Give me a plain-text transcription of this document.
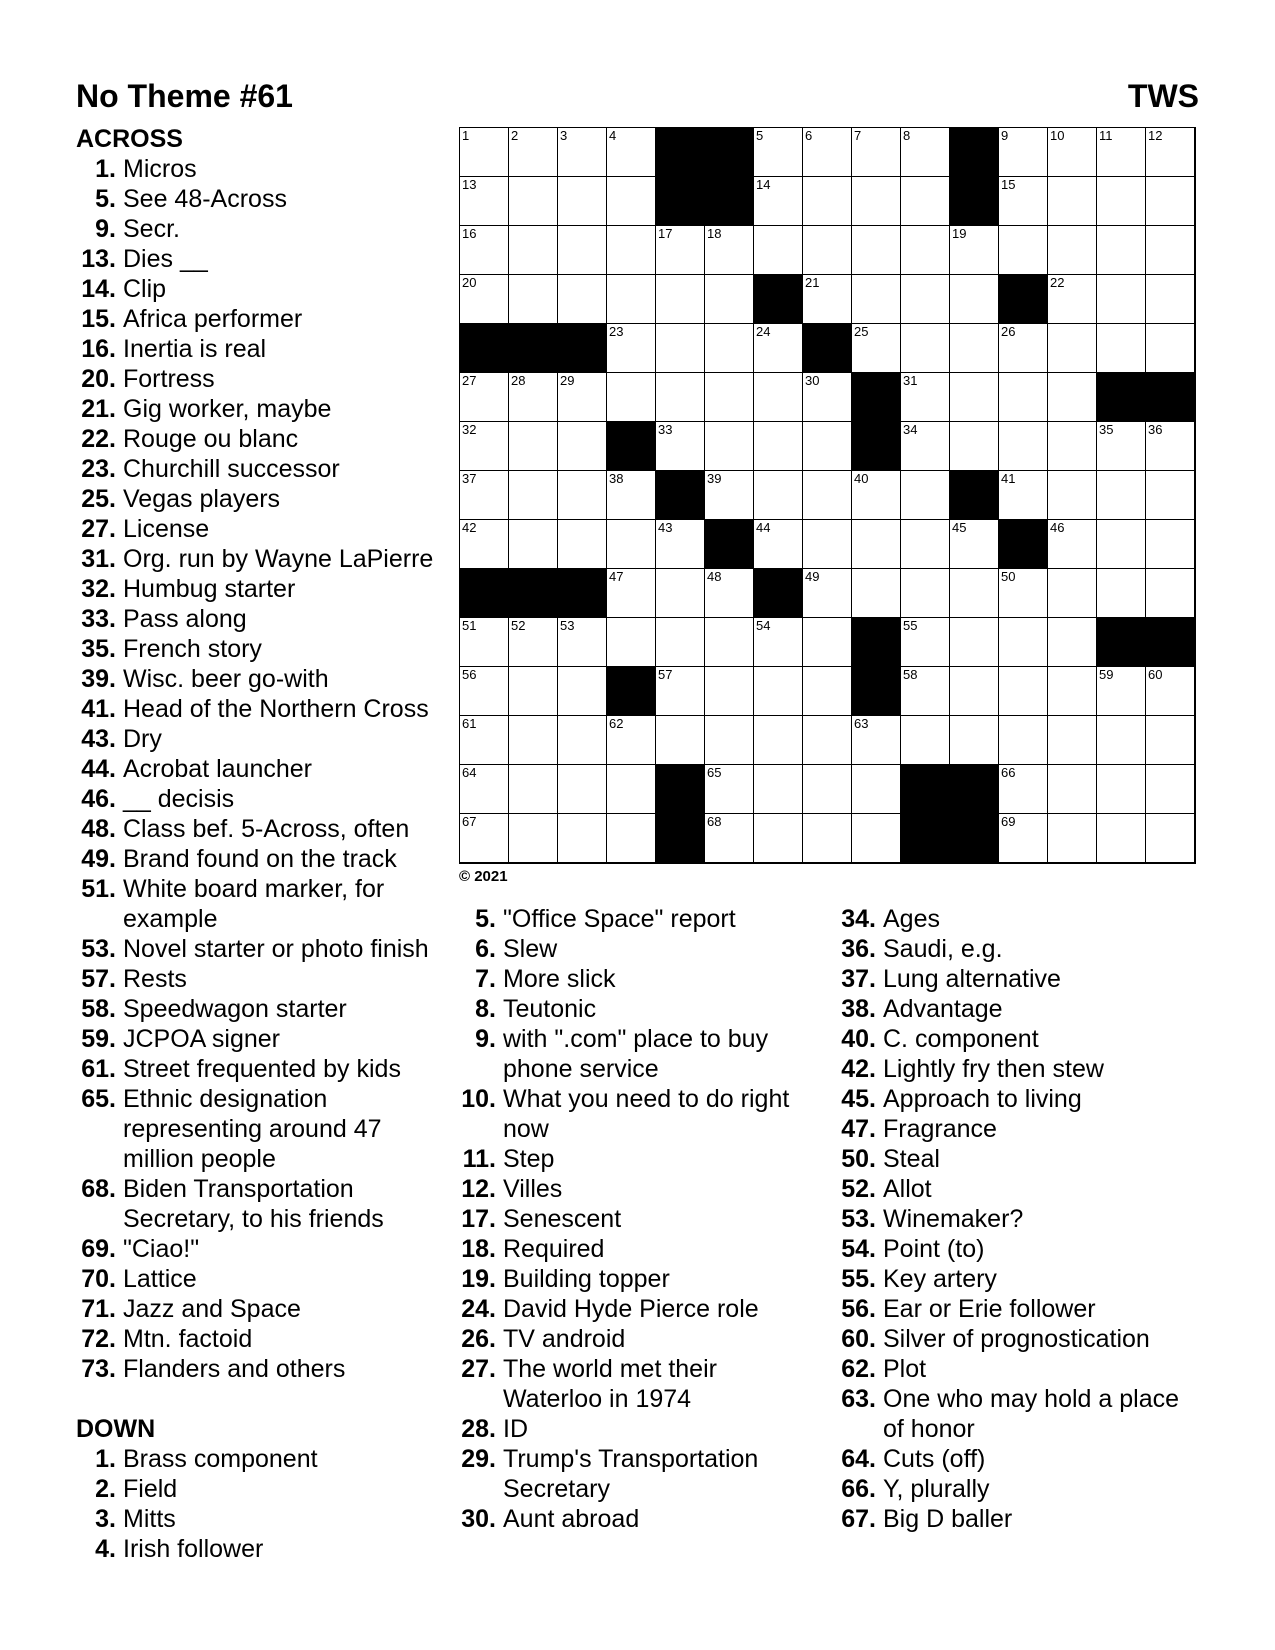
No Theme #61	TWS
ACROSS
1. Micros
5. See 48-Across
9. Secr.
13. Dies __
14. Clip
15. Africa performer
16. Inertia is real
20. Fortress
21. Gig worker, maybe
22. Rouge ou blanc
23. Churchill successor
25. Vegas players
27. License
31. Org. run by Wayne LaPierre
32. Humbug starter
33. Pass along
35. French story
39. Wisc. beer go-with
41. Head of the Northern Cross
43. Dry
44. Acrobat launcher
46. __ decisis
48. Class bef. 5-Across, often
49. Brand found on the track
51. White board marker, for example
53. Novel starter or photo finish
57. Rests
58. Speedwagon starter
59. JCPOA signer
61. Street frequented by kids
65. Ethnic designation representing around 47 million people
68. Biden Transportation Secretary, to his friends
69. "Ciao!"
70. Lattice
71. Jazz and Space
72. Mtn. factoid
73. Flanders and others
DOWN
1. Brass component
2. Field
3. Mitts
4. Irish follower
1	2	3	4	5	6	7	8	9	10	11	12
13	14	15
16	17	18	19
20	21	22
23	24	25	26
27	28	29	30	31
32	33	34	35	36
37	38	39	40	41
42	43	44	45	46
47	48	49	50
51	52	53	54	55
56	57	58	59	60
61	62	63
64	65	66
67	68	69
© 2021
5. "Office Space" report
6. Slew
7. More slick
8. Teutonic
9. with ".com" place to buy phone service
10. What you need to do right now
11. Step
12. Villes
17. Senescent
18. Required
19. Building topper
24. David Hyde Pierce role
26. TV android
27. The world met their Waterloo in 1974
28. ID
29. Trump's Transportation Secretary
30. Aunt abroad
34. Ages
36. Saudi, e.g.
37. Lung alternative
38. Advantage
40. C. component
42. Lightly fry then stew
45. Approach to living
47. Fragrance
50. Steal
52. Allot
53. Winemaker?
54. Point (to)
55. Key artery
56. Ear or Erie follower
60. Silver of prognostication
62. Plot
63. One who may hold a place of honor
64. Cuts (off)
66. Y, plurally
67. Big D baller
